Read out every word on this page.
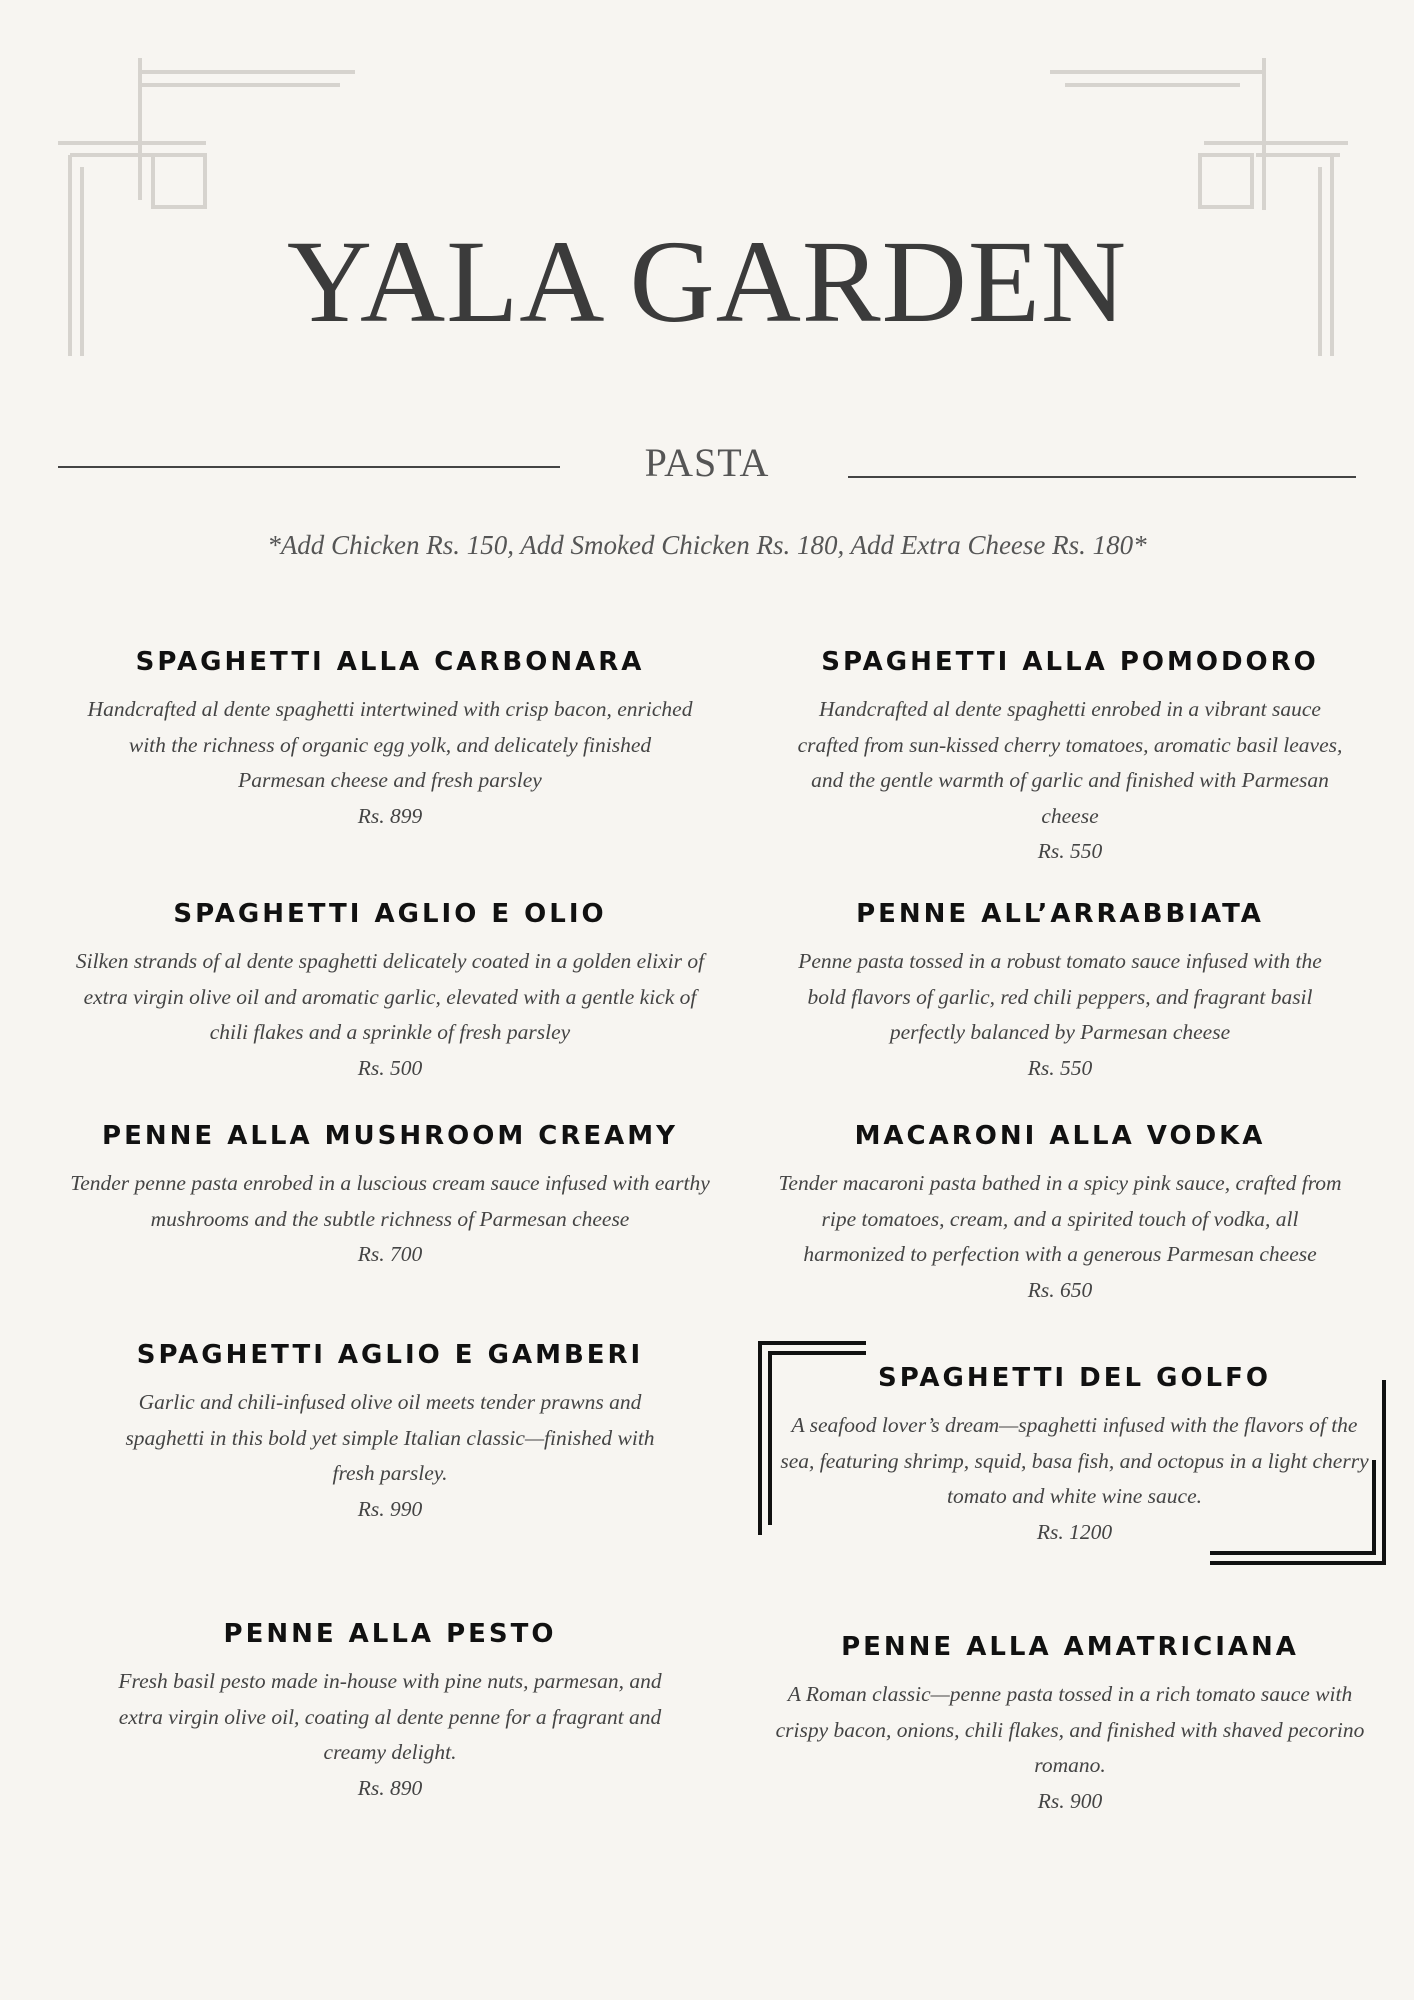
YALA GARDEN
PASTA
*Add Chicken Rs. 150, Add Smoked Chicken Rs. 180, Add Extra Cheese Rs. 180*
SPAGHETTI ALLA CARBONARA

Handcrafted al dente spaghetti intertwined with crisp bacon, enriched with the richness of organic egg yolk, and delicately finished Parmesan cheese and fresh parsley

Rs. 899
SPAGHETTI AGLIO E OLIO

Silken strands of al dente spaghetti delicately coated in a golden elixir of extra virgin olive oil and aromatic garlic, elevated with a gentle kick of chili flakes and a sprinkle of fresh parsley

Rs. 500
PENNE ALLA MUSHROOM CREAMY

Tender penne pasta enrobed in a luscious cream sauce infused with earthy mushrooms and the subtle richness of Parmesan cheese

Rs. 700
SPAGHETTI AGLIO E GAMBERI

Garlic and chili-infused olive oil meets tender prawns and spaghetti in this bold yet simple Italian classic—finished with fresh parsley.

Rs. 990
PENNE ALLA PESTO

Fresh basil pesto made in-house with pine nuts, parmesan, and extra virgin olive oil, coating al dente penne for a fragrant and creamy delight.

Rs. 890
SPAGHETTI ALLA POMODORO

Handcrafted al dente spaghetti enrobed in a vibrant sauce crafted from sun-kissed cherry tomatoes, aromatic basil leaves, and the gentle warmth of garlic and finished with Parmesan cheese

Rs. 550
PENNE ALL’ARRABBIATA

Penne pasta tossed in a robust tomato sauce infused with the bold flavors of garlic, red chili peppers, and fragrant basil perfectly balanced by Parmesan cheese

Rs. 550
MACARONI ALLA VODKA

Tender macaroni pasta bathed in a spicy pink sauce, crafted from ripe tomatoes, cream, and a spirited touch of vodka, all harmonized to perfection with a generous Parmesan cheese

Rs. 650
SPAGHETTI DEL GOLFO

A seafood lover’s dream—spaghetti infused with the flavors of the sea, featuring shrimp, squid, basa fish, and octopus in a light cherry tomato and white wine sauce.

Rs. 1200
PENNE ALLA AMATRICIANA

A Roman classic—penne pasta tossed in a rich tomato sauce with crispy bacon, onions, chili flakes, and finished with shaved pecorino romano.

Rs. 900
